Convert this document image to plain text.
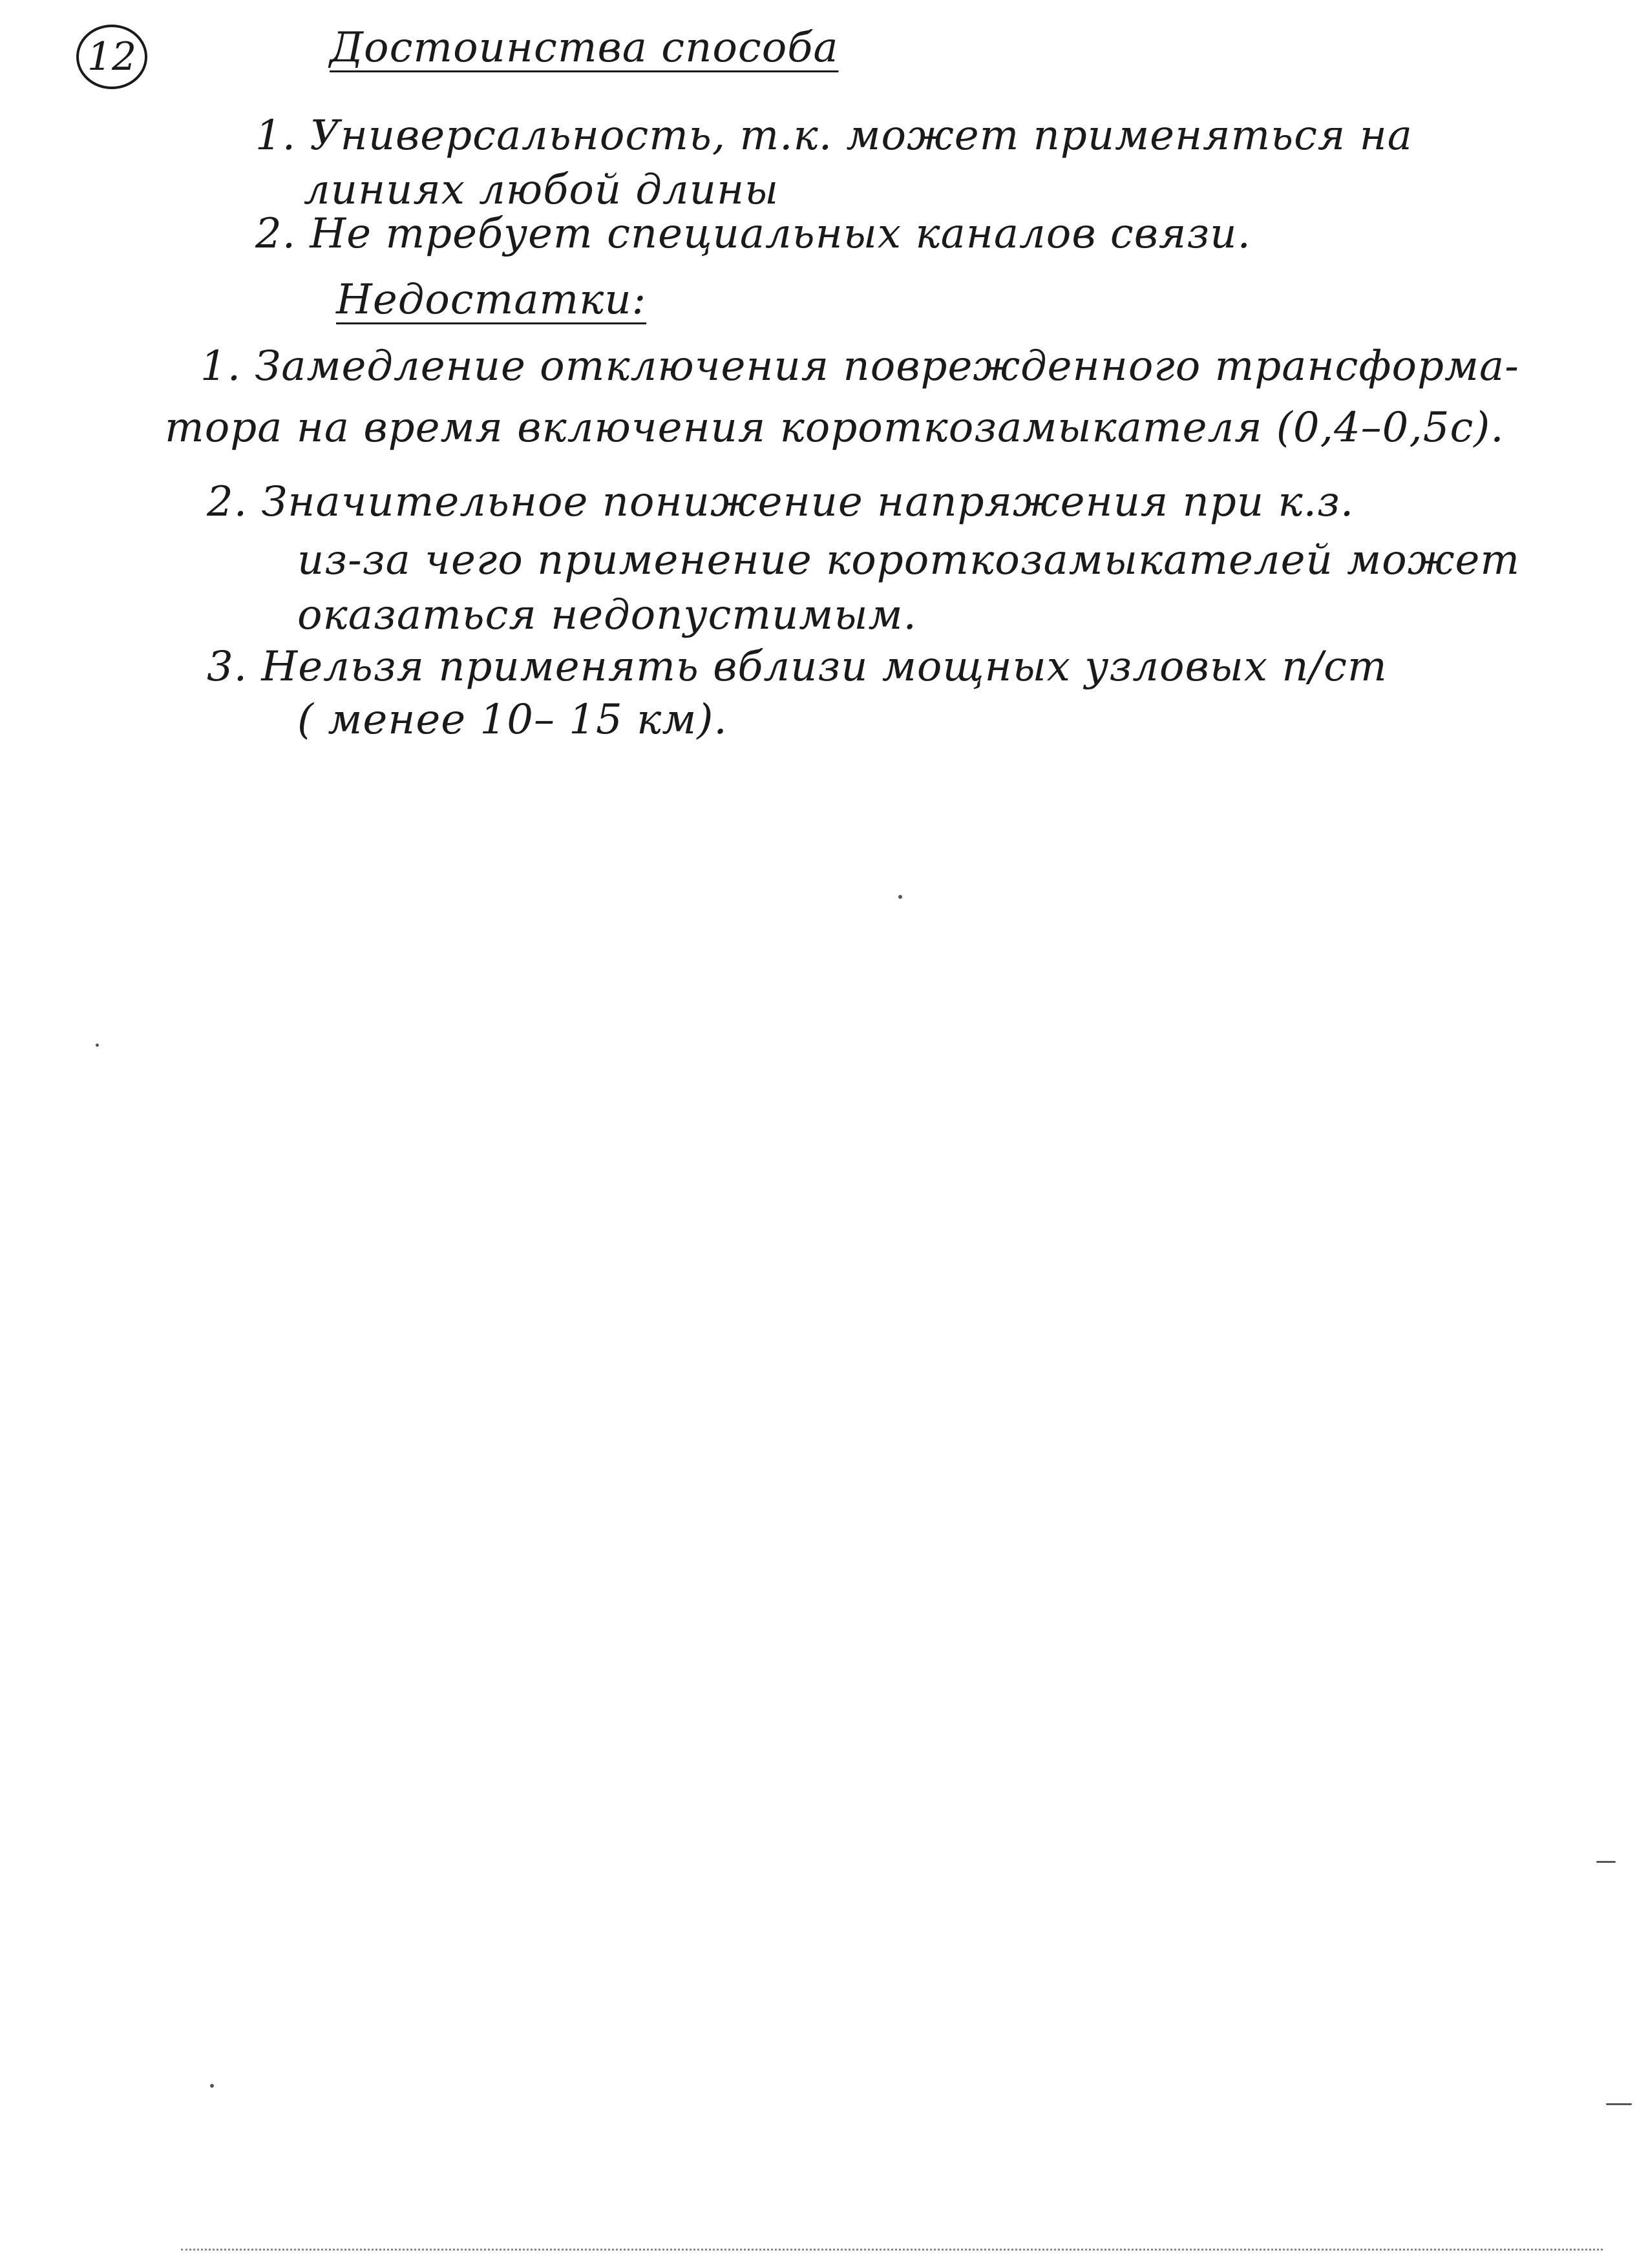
12	Достоинства способа
1. Универсальность, т.к. может применяться на
линиях любой длины
2. Не требует специальных каналов связи.
Недостатки:
1. Замедление отключения поврежденного трансформа-
тора на время включения короткозамыкателя (0,4–0,5с).
2. Значительное понижение напряжения при к.з.
из-за чего применение короткозамыкателей может
оказаться недопустимым.
3. Нельзя применять вблизи мощных узловых п/ст
( менее 10– 15 км).
